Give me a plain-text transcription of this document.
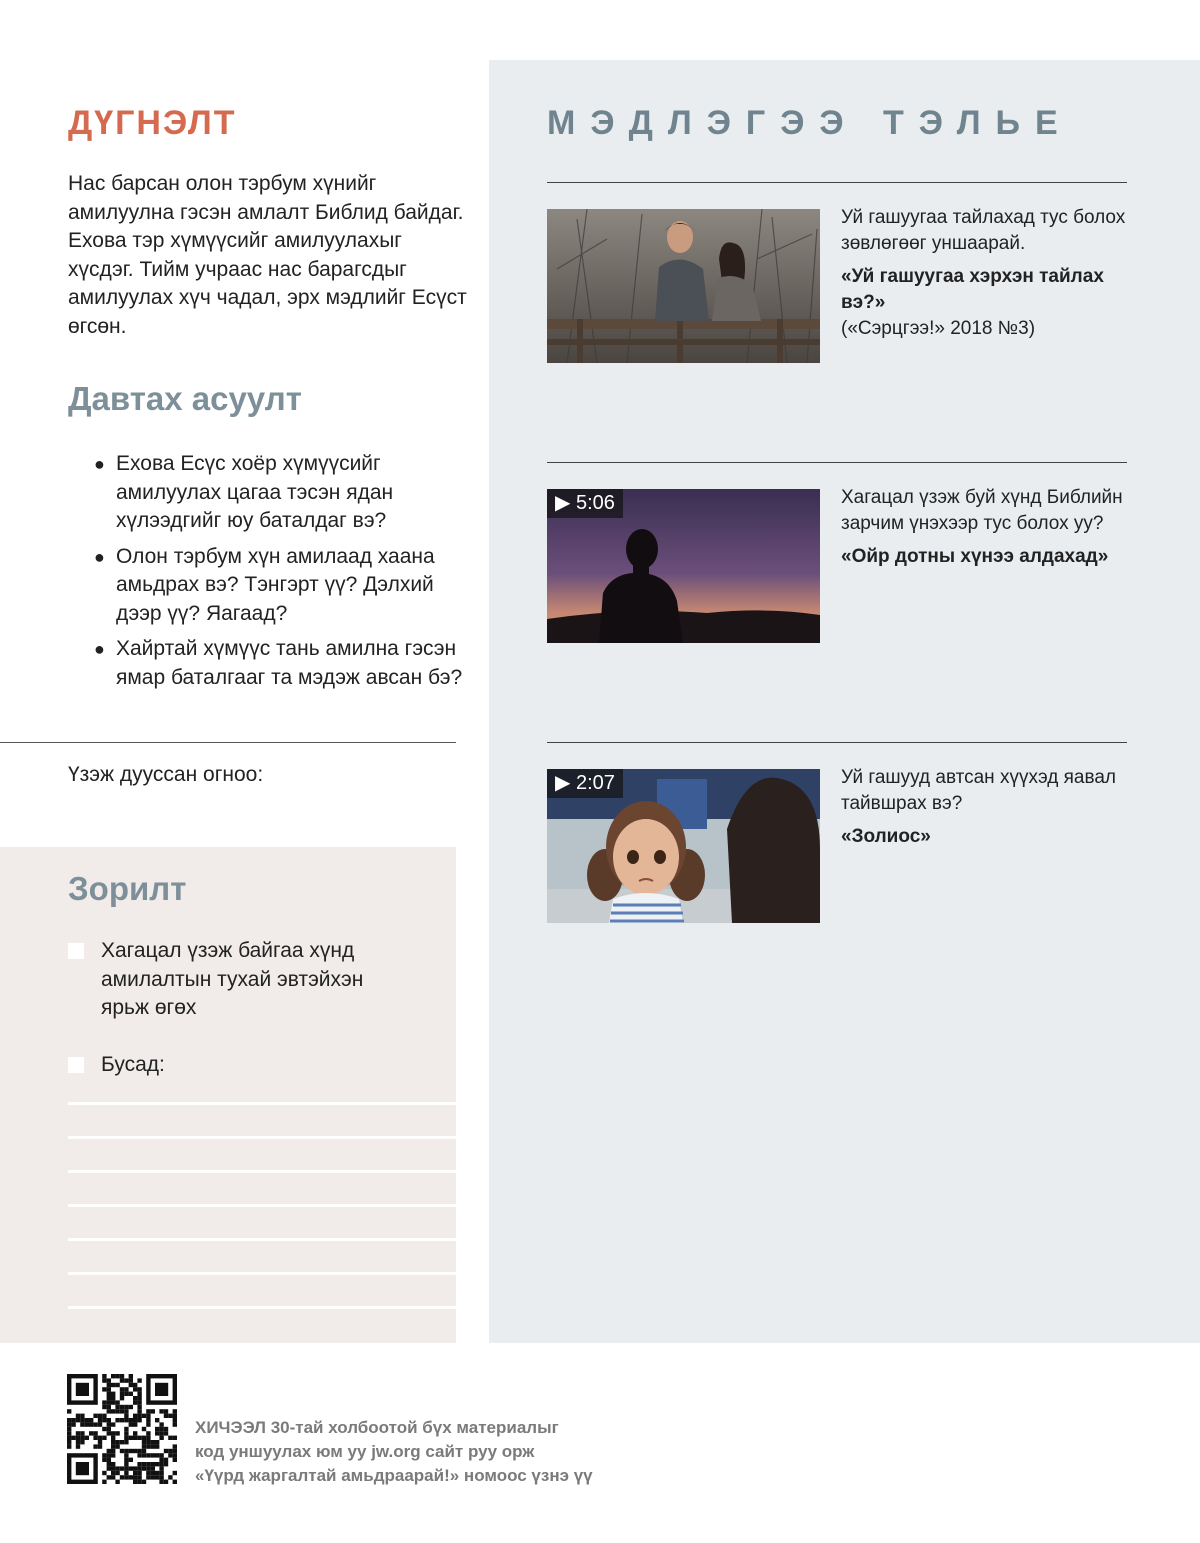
ДҮГНЭЛТ
Нас барсан олон тэрбум хүнийг амилуулна гэсэн амлалт Библид байдаг. Ехова тэр хүмүүсийг амилуулахыг хүсдэг. Тийм учраас нас барагсдыг амилуулах хүч чадал, эрх мэдлийг Есүст өгсөн.
Давтах асуулт
● Ехова Есүс хоёр хүмүүсийг амилуулах цагаа тэсэн ядан хүлээдгийг юу баталдаг вэ?
● Олон тэрбум хүн амилаад хаана амьдрах вэ? Тэнгэрт үү? Дэлхий дээр үү? Яагаад?
● Хайртай хүмүүс тань амилна гэсэн ямар баталгааг та мэдэж авсан бэ?
Үзэж дууссан огноо:
Зорилт
Хагацал үзэж байгаа хүнд амилалтын тухай эвтэйхэн ярьж өгөх
Бусад:
МЭДЛЭГЭЭ ТЭЛЬЕ
Уй гашуугаа тайлахад тус болох зөвлөгөөг уншаарай.
«Уй гашуугаа хэрхэн тайлах вэ?»
(«Сэрцгээ!» 2018 №3)
▶ 5:06	Хагацал үзэж буй хүнд Библийн зарчим үнэхээр тус болох уу?
«Ойр дотны хүнээ алдахад»
▶ 2:07	Уй гашууд автсан хүүхэд яавал тайвшрах вэ?
«Золиос»
ХИЧЭЭЛ 30-тай холбоотой бүх материалыг
код уншуулах юм уу jw.org сайт руу орж
«Үүрд жаргалтай амьдраарай!» номоос үзнэ үү
